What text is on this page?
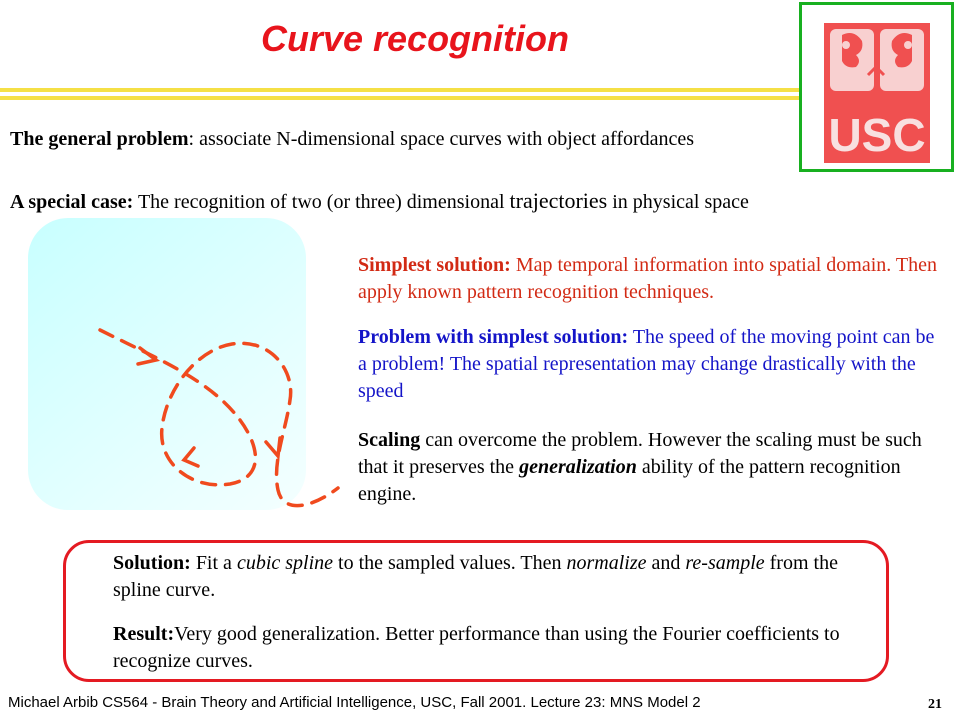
Curve recognition
USC

The general problem: associate N-dimensional space curves with object affordances

A special case: The recognition of two (or three) dimensional trajectories in physical space

Simplest solution: Map temporal information into spatial domain. Then apply known pattern recognition techniques.

Problem with simplest solution: The speed of the moving point can be a problem! The spatial representation may change drastically with the speed

Scaling can overcome the problem. However the scaling must be such that it preserves the generalization ability of the pattern recognition engine.

Solution: Fit a cubic spline to the sampled values. Then normalize and re-sample from the spline curve.

Result:Very good generalization. Better performance than using the Fourier coefficients to recognize curves.

Michael Arbib CS564 - Brain Theory and Artificial Intelligence, USC, Fall 2001. Lecture 23: MNS Model 2	21
